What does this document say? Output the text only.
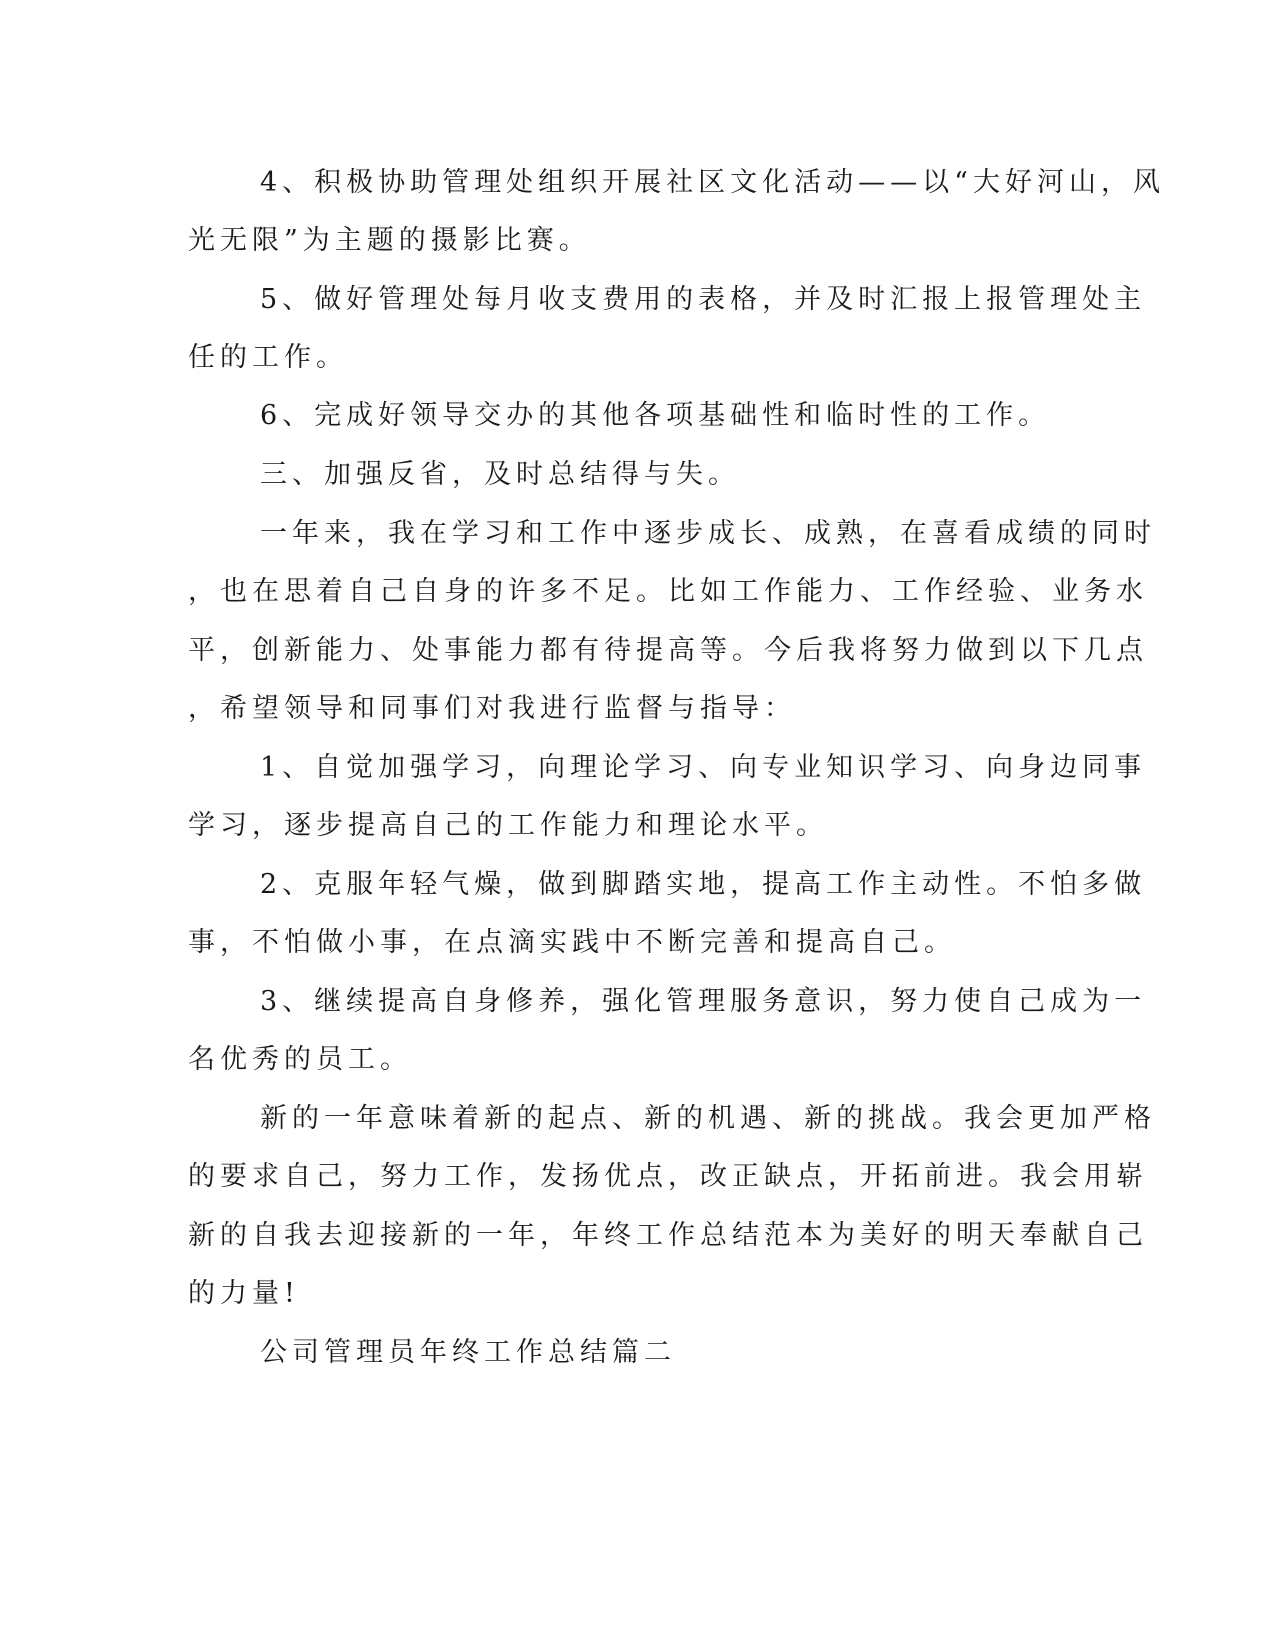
4、积极协助管理处组织开展社区文化活动——以“大好河山，风
光无限”为主题的摄影比赛。
5、做好管理处每月收支费用的表格，并及时汇报上报管理处主
任的工作。
6、完成好领导交办的其他各项基础性和临时性的工作。
三、加强反省，及时总结得与失。
一年来，我在学习和工作中逐步成长、成熟，在喜看成绩的同时
，也在思着自己自身的许多不足。比如工作能力、工作经验、业务水
平，创新能力、处事能力都有待提高等。今后我将努力做到以下几点
，希望领导和同事们对我进行监督与指导：
1、自觉加强学习，向理论学习、向专业知识学习、向身边同事
学习，逐步提高自己的工作能力和理论水平。
2、克服年轻气燥，做到脚踏实地，提高工作主动性。不怕多做
事，不怕做小事，在点滴实践中不断完善和提高自己。
3、继续提高自身修养，强化管理服务意识，努力使自己成为一
名优秀的员工。
新的一年意味着新的起点、新的机遇、新的挑战。我会更加严格
的要求自己，努力工作，发扬优点，改正缺点，开拓前进。我会用崭
新的自我去迎接新的一年，年终工作总结范本为美好的明天奉献自己
的力量!
公司管理员年终工作总结篇二
